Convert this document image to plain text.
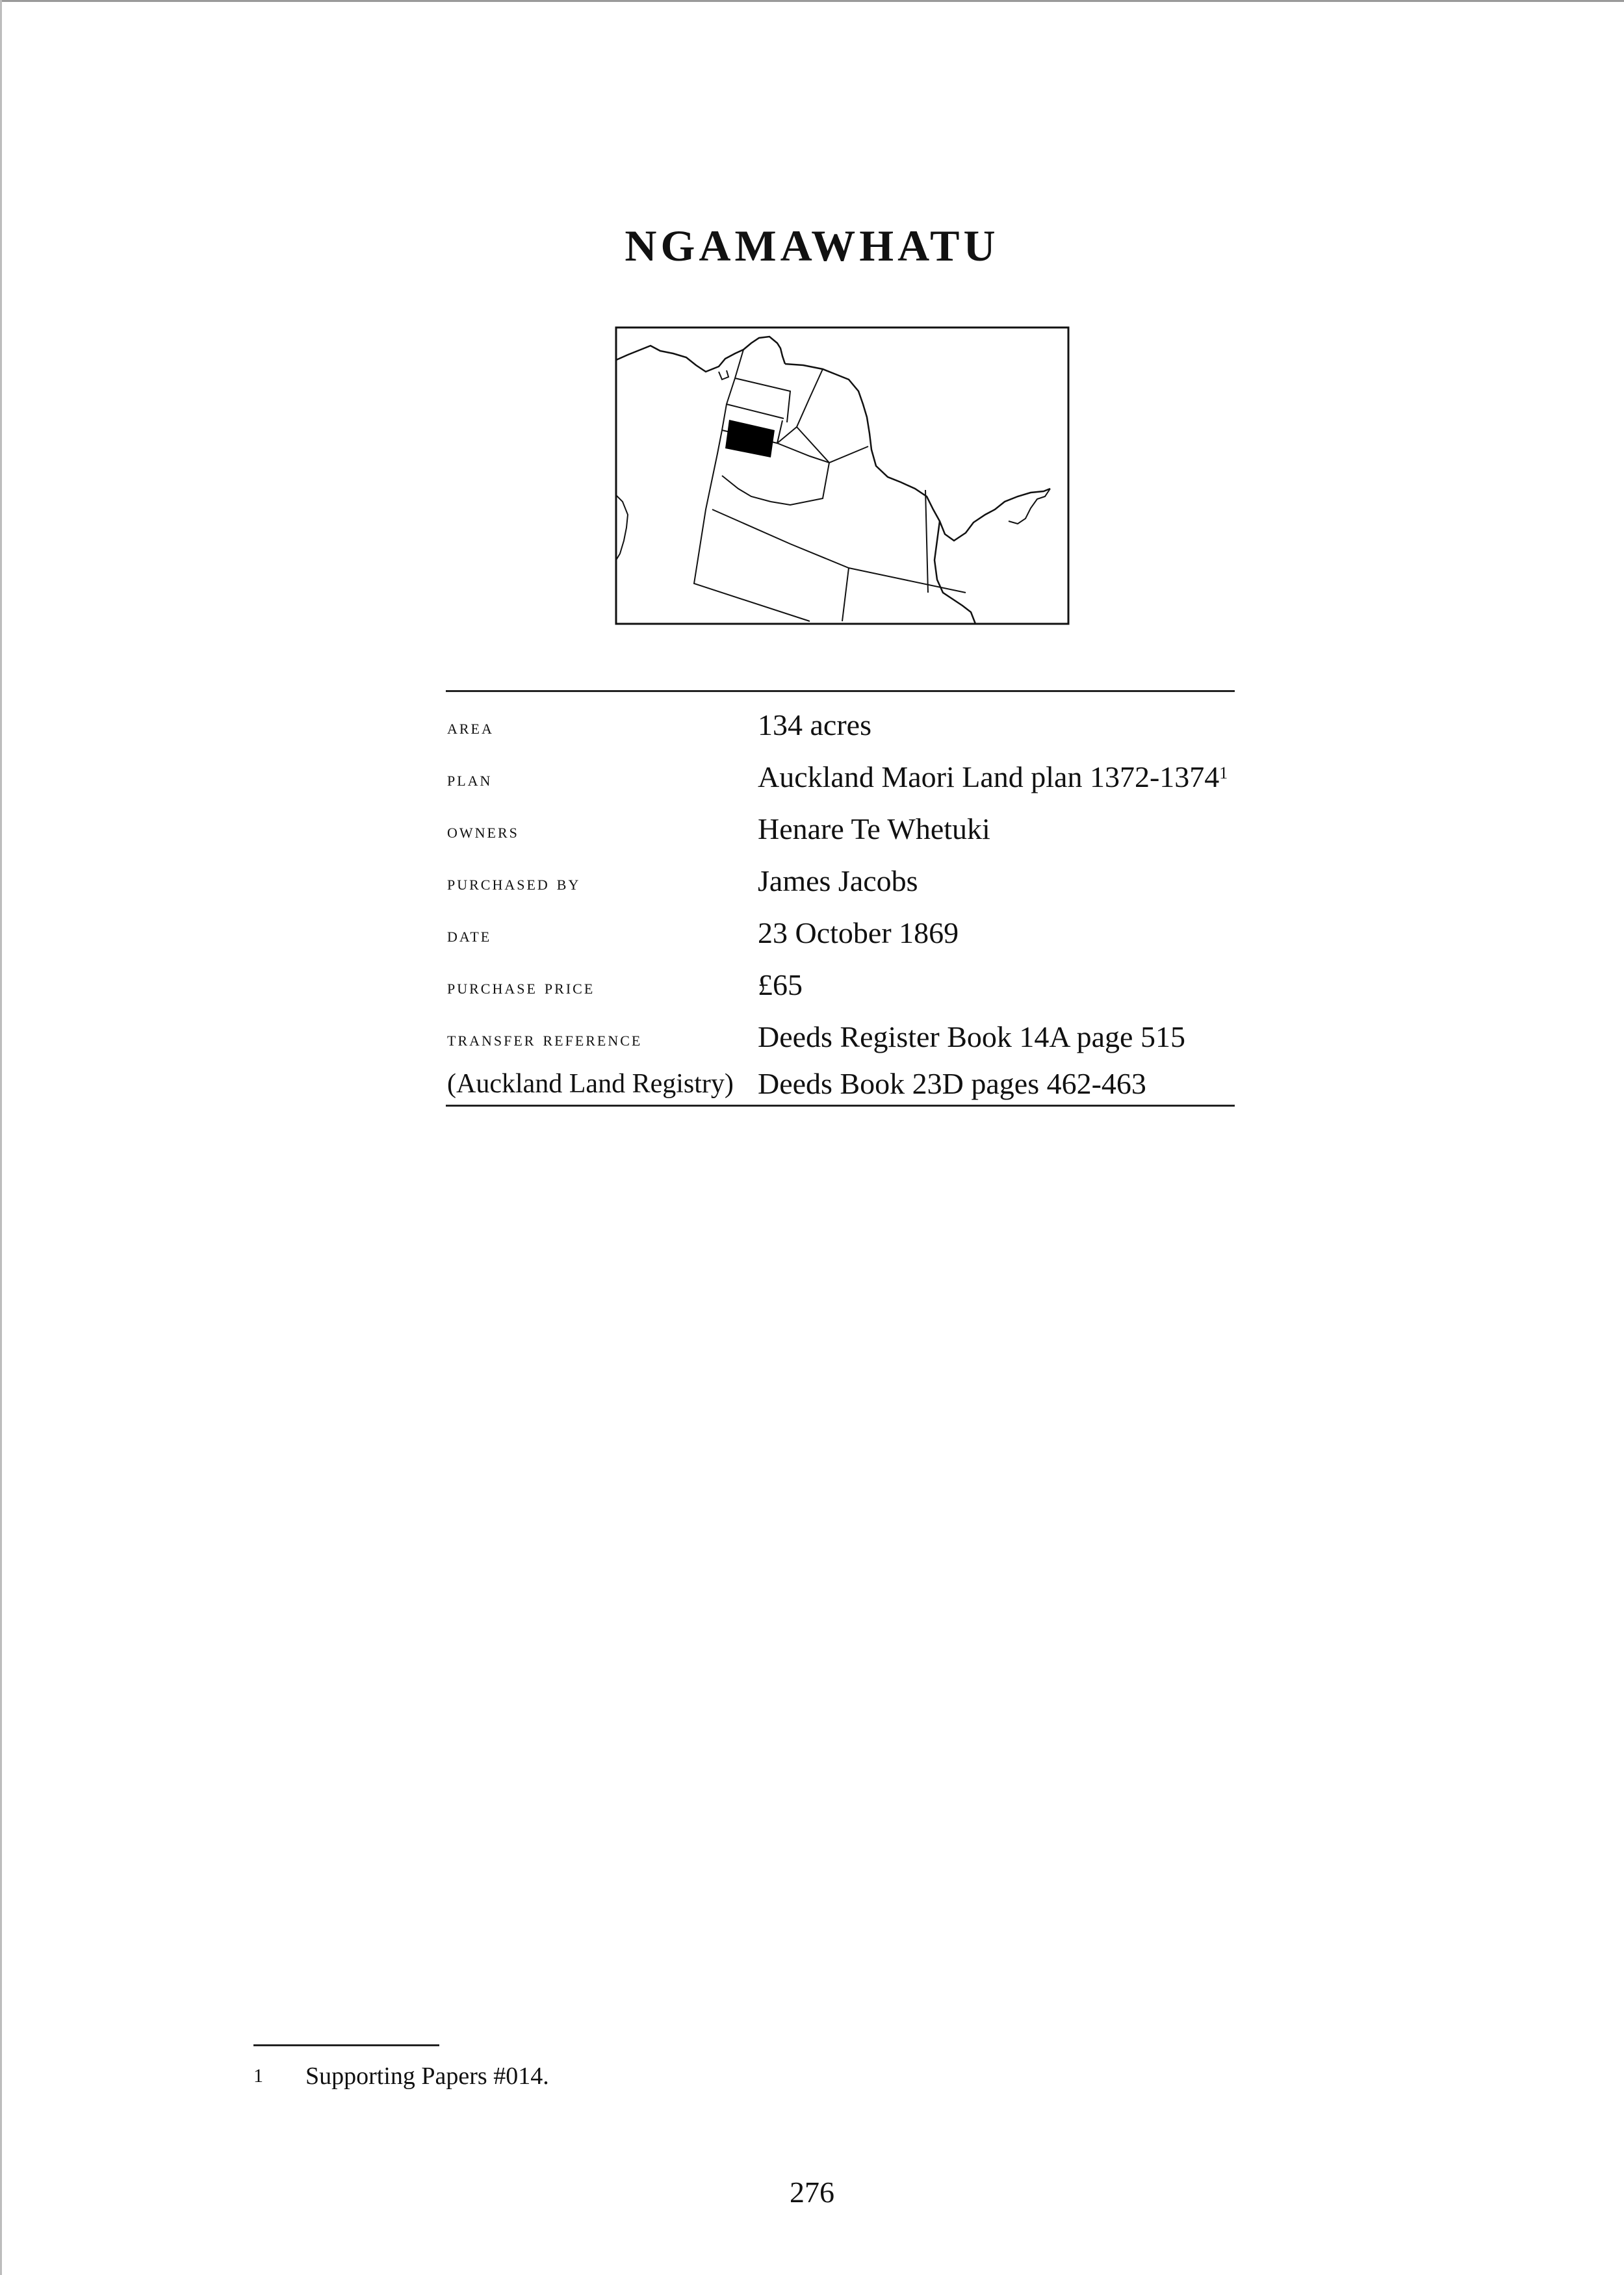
NGAMAWHATU
area	134 acres
plan	Auckland Maori Land plan 1372-1374$^1$
owners	Henare Te Whetuki
purchased by	James Jacobs
date	23 October 1869
purchase price	£65
transfer reference	Deeds Register Book 14A page 515
(Auckland Land Registry) Deeds Book 23D pages 462-463
1 Supporting Papers #014.
276
